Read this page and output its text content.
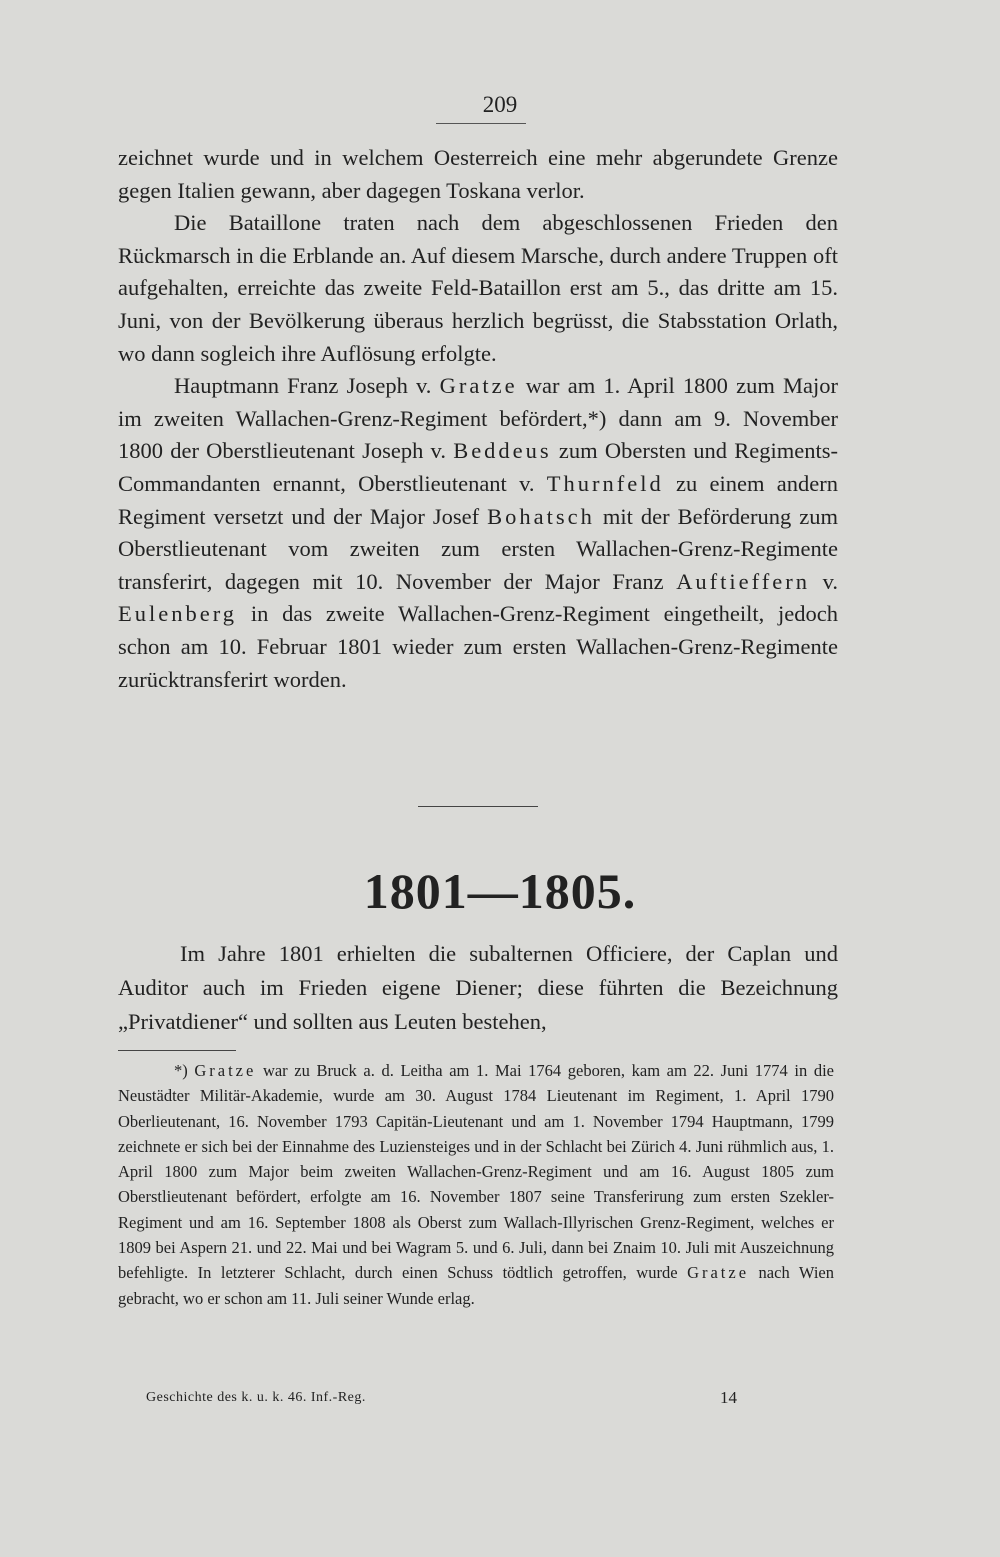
209

zeichnet wurde und in welchem Oesterreich eine mehr abgerundete Grenze gegen Italien gewann, aber dagegen Toskana verlor.

Die Bataillone traten nach dem abgeschlossenen Frieden den Rückmarsch in die Erblande an. Auf diesem Marsche, durch andere Truppen oft aufgehalten, erreichte das zweite Feld-Bataillon erst am 5., das dritte am 15. Juni, von der Bevölkerung überaus herzlich begrüsst, die Stabsstation Orlath, wo dann sogleich ihre Auflösung erfolgte.

Hauptmann Franz Joseph v. Gratze war am 1. April 1800 zum Major im zweiten Wallachen-Grenz-Regiment befördert,*) dann am 9. November 1800 der Oberstlieutenant Joseph v. Beddeus zum Obersten und Regiments-Commandanten ernannt, Oberstlieutenant v. Thurnfeld zu einem andern Regiment versetzt und der Major Josef Bohatsch mit der Beförderung zum Oberstlieutenant vom zweiten zum ersten Wallachen-Grenz-Regimente transferirt, dagegen mit 10. November der Major Franz Auftieffern v. Eulenberg in das zweite Wallachen-Grenz-Regiment eingetheilt, jedoch schon am 10. Februar 1801 wieder zum ersten Wallachen-Grenz-Regimente zurücktransferirt worden.

1801—1805.

Im Jahre 1801 erhielten die subalternen Officiere, der Caplan und Auditor auch im Frieden eigene Diener; diese führten die Bezeichnung „Privatdiener“ und sollten aus Leuten bestehen,

*) Gratze war zu Bruck a. d. Leitha am 1. Mai 1764 geboren, kam am 22. Juni 1774 in die Neustädter Militär-Akademie, wurde am 30. August 1784 Lieutenant im Regiment, 1. April 1790 Oberlieutenant, 16. November 1793 Capitän-Lieutenant und am 1. November 1794 Hauptmann, 1799 zeichnete er sich bei der Einnahme des Luziensteiges und in der Schlacht bei Zürich 4. Juni rühmlich aus, 1. April 1800 zum Major beim zweiten Wallachen-Grenz-Regiment und am 16. August 1805 zum Oberstlieutenant befördert, erfolgte am 16. November 1807 seine Transferirung zum ersten Szekler-Regiment und am 16. September 1808 als Oberst zum Wallach-Illyrischen Grenz-Regiment, welches er 1809 bei Aspern 21. und 22. Mai und bei Wagram 5. und 6. Juli, dann bei Znaim 10. Juli mit Auszeichnung befehligte. In letzterer Schlacht, durch einen Schuss tödtlich getroffen, wurde Gratze nach Wien gebracht, wo er schon am 11. Juli seiner Wunde erlag.

Geschichte des k. u. k. 46. Inf.-Reg.	14
